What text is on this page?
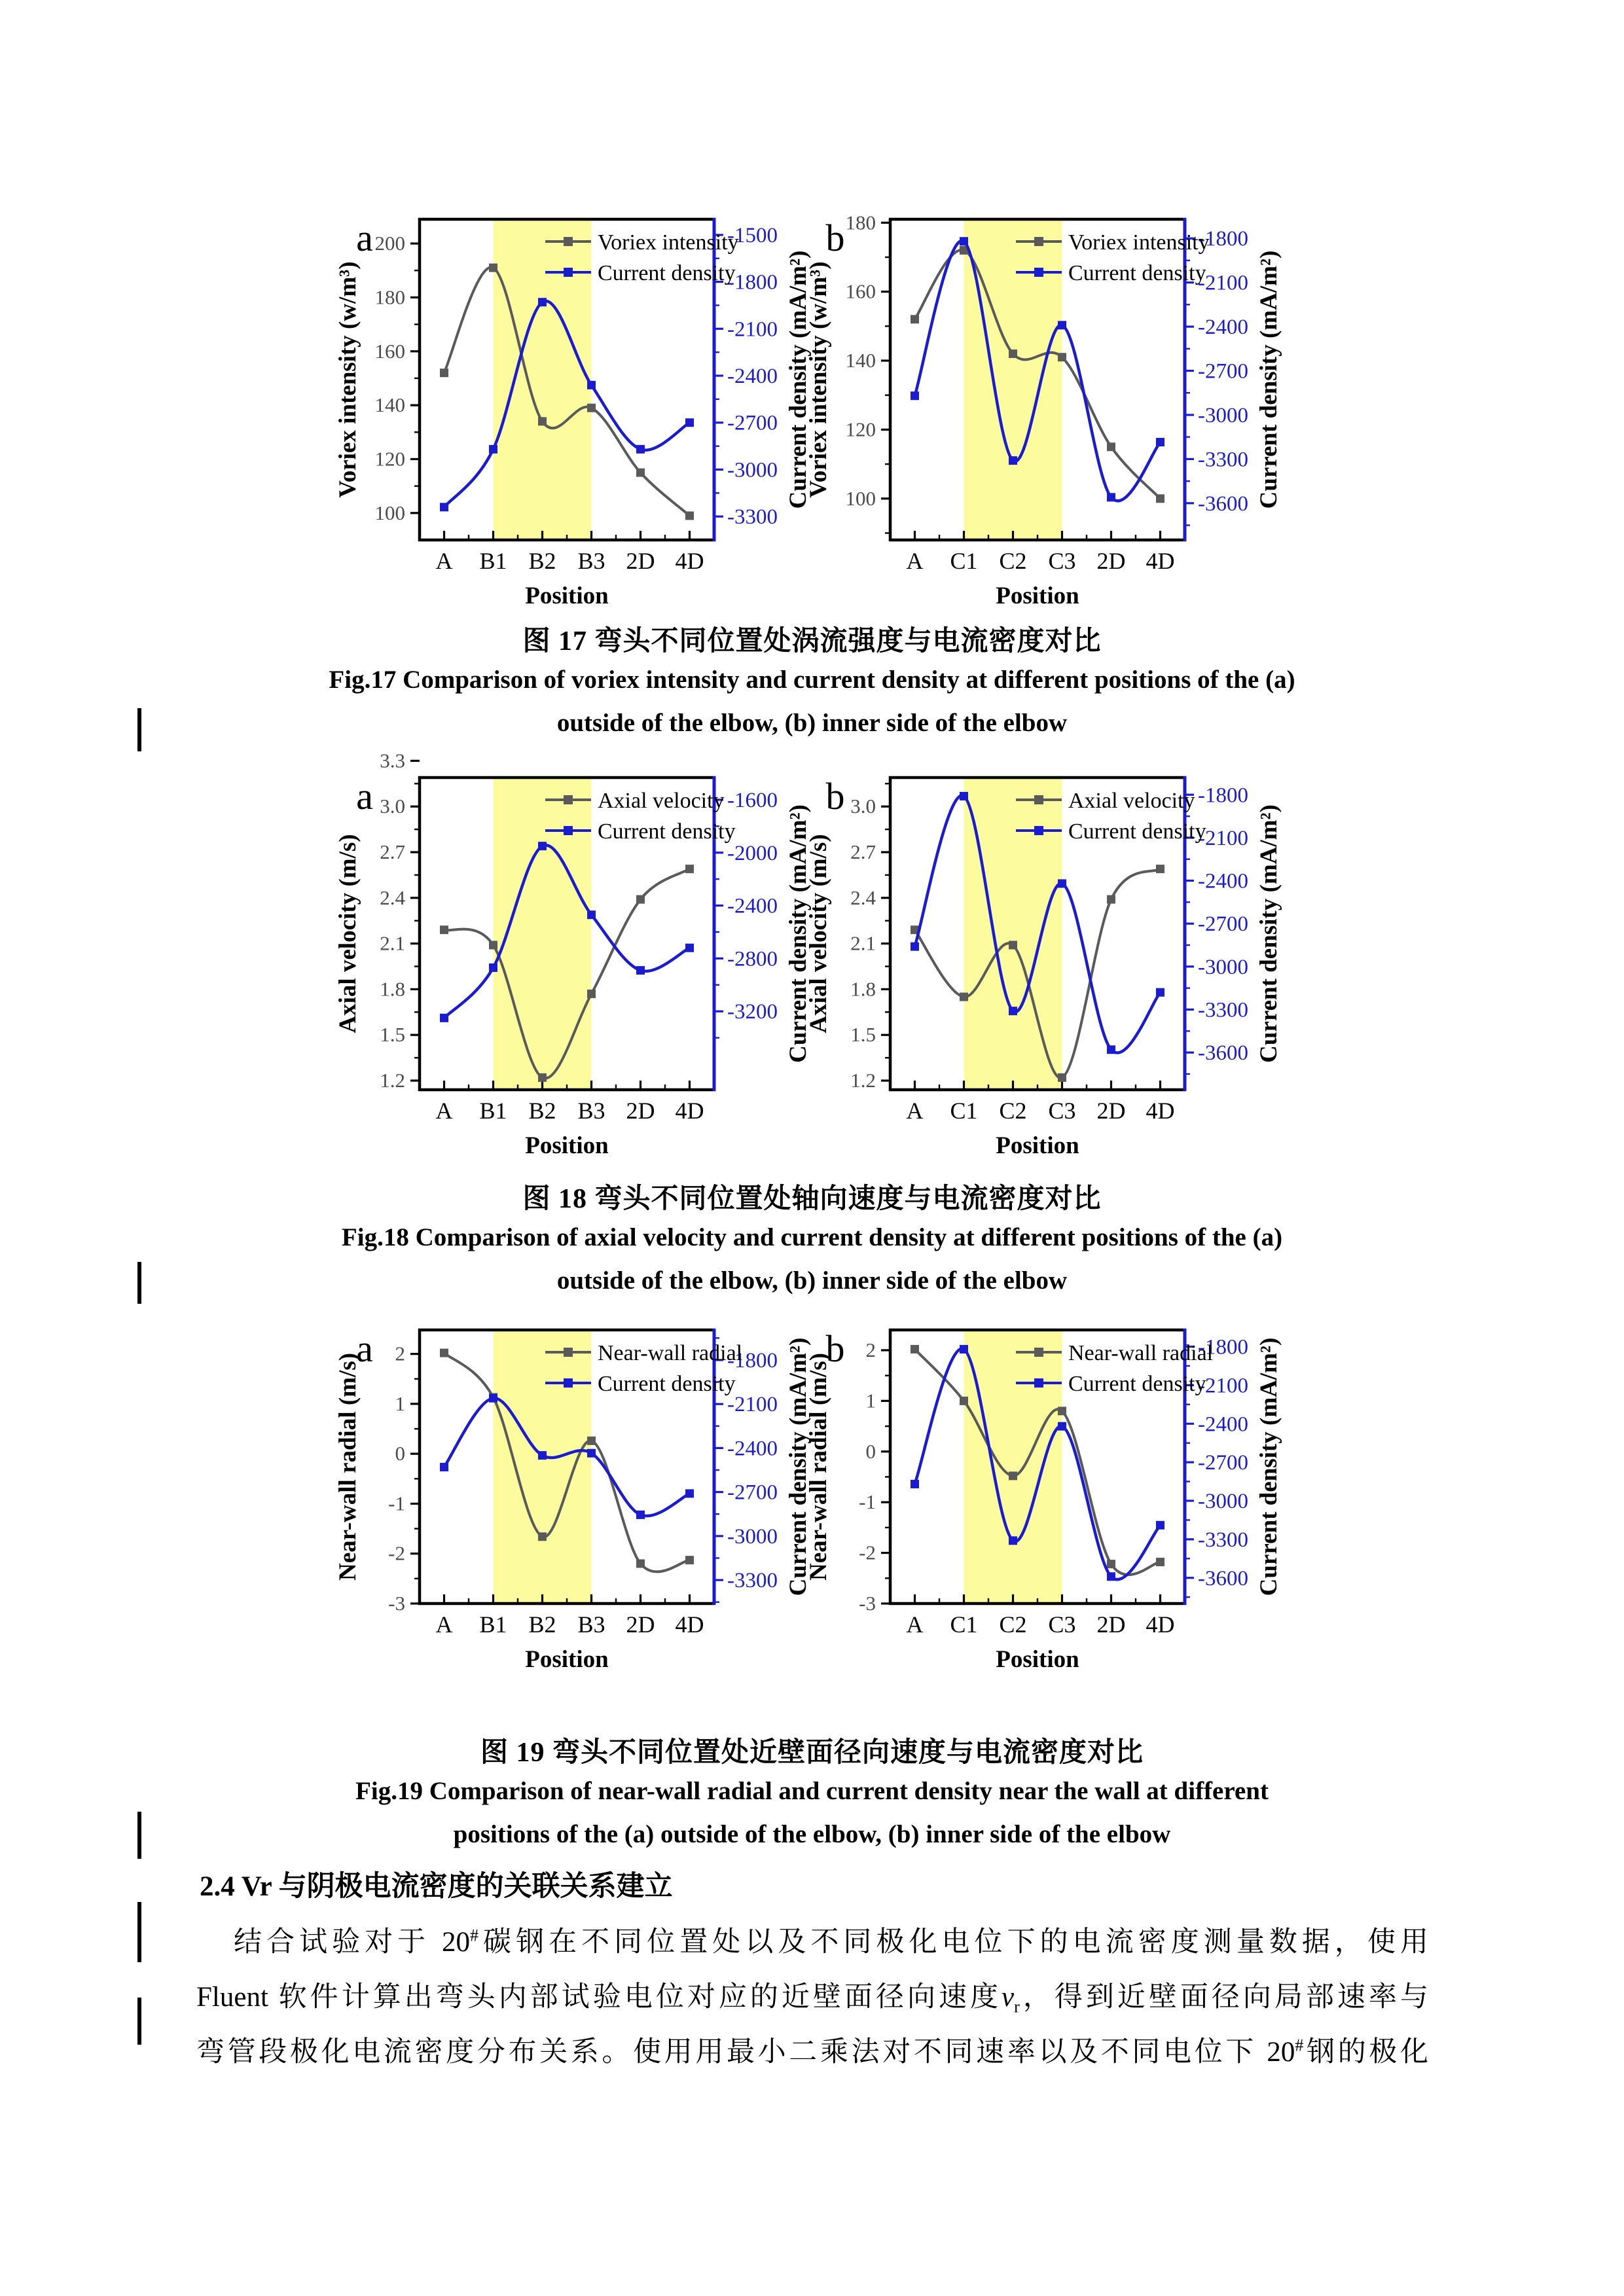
100
120
140
160
180
200
-3300
-3000
-2700
-2400
-2100
-1800
-1500
A B1 B2 B3 2D 4D
Position
Voriex intensity (w/m³)	Current density (mA/m²)
Voriex intensity
Current density
a
100
120
140
160
180
-3600
-3300
-3000
-2700
-2400
-2100
-1800
A C1 C2 C3 2D 4D
Position
Voriex intensity (w/m³)	Current density (mA/m²)
Voriex intensity
Current density
b
图 17 弯头不同位置处涡流强度与电流密度对比
Fig.17 Comparison of voriex intensity and current density at different positions of the (a)
outside of the elbow, (b) inner side of the elbow
1.2
1.5
1.8
2.1
2.4
2.7
3.0
3.3
-3200
-2800
-2400
-2000
-1600
A B1 B2 B3 2D 4D
Position
Axial velocity (m/s)	Current density (mA/m²)
Axial velocity
Current density
a
1.2
1.5
1.8
2.1
2.4
2.7
3.0
-3600
-3300
-3000
-2700
-2400
-2100
-1800
A C1 C2 C3 2D 4D
Position
Axial velocity (m/s)	Current density (mA/m²)
Axial velocity
Current density
b
图 18 弯头不同位置处轴向速度与电流密度对比
Fig.18 Comparison of axial velocity and current density at different positions of the (a)
outside of the elbow, (b) inner side of the elbow
-3
-2
-1
0
1
2
-3300
-3000
-2700
-2400
-2100
-1800
A B1 B2 B3 2D 4D
Position
Near-wall radial (m/s)	Current density (mA/m²)
Near-wall radial
Current density
a
-3
-2
-1
0
1
2
-3600
-3300
-3000
-2700
-2400
-2100
-1800
A C1 C2 C3 2D 4D
Position
Near-wall radial (m/s)	Current density (mA/m²)
Near-wall radial
Current density
b
图 19 弯头不同位置处近壁面径向速度与电流密度对比
Fig.19 Comparison of near-wall radial and current density near the wall at different
positions of the (a) outside of the elbow, (b) inner side of the elbow
2.4 Vr 与阴极电流密度的关联关系建立
结合试验对于 20#碳钢在不同位置处以及不同极化电位下的电流密度测量数据，使用
Fluent 软件计算出弯头内部试验电位对应的近壁面径向速度$v_r$，得到近壁面径向局部速率与
弯管段极化电流密度分布关系。使用用最小二乘法对不同速率以及不同电位下 20#钢的极化
